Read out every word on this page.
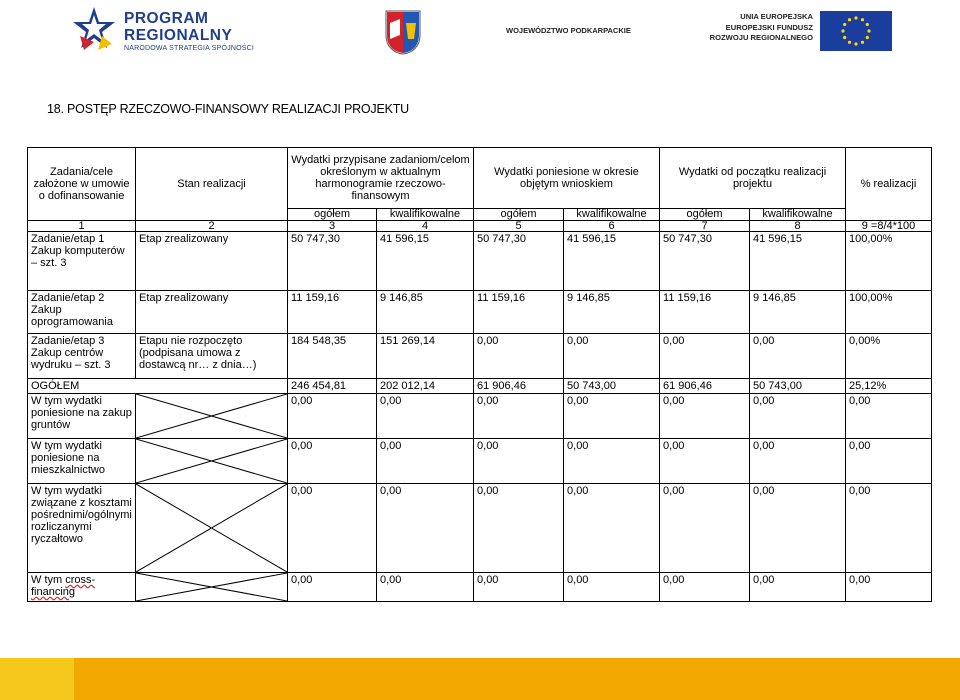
PROGRAM
REGIONALNY
NARODOWA STRATEGIA SPÓJNOŚCI
WOJEWÓDZTWO PODKARPACKIE
UNIA EUROPEJSKA
EUROPEJSKI FUNDUSZ
ROZWOJU REGIONALNEGO
18. POSTĘP RZECZOWO-FINANSOWY REALIZACJI PROJEKTU
Zadania/cele założone w umowie o dofinansowanie	Stan realizacji	Wydatki przypisane zadaniom/celom określonym w aktualnym harmonogramie rzeczowo-finansowym		Wydatki poniesione w okresie objętym wnioskiem		Wydatki od początku realizacji projektu		% realizacji
		ogółem	kwalifikowalne	ogółem	kwalifikowalne	ogółem	kwalifikowalne	
1	2	3	4	5	6	7	8	9 =8/4*100
Zadanie/etap 1 Zakup komputerów – szt. 3	Etap zrealizowany	50 747,30	41 596,15	50 747,30	41 596,15	50 747,30	41 596,15	100,00%
Zadanie/etap 2 Zakup oprogramowania	Etap zrealizowany	11 159,16	9 146,85	11 159,16	9 146,85	11 159,16	9 146,85	100,00%
Zadanie/etap 3 Zakup centrów wydruku – szt. 3	Etapu nie rozpoczęto (podpisana umowa z dostawcą nr… z dnia…)	184 548,35	151 269,14	0,00	0,00	0,00	0,00	0,00%
OGÓŁEM		246 454,81	202 012,14	61 906,46	50 743,00	61 906,46	50 743,00	25,12%
W tym wydatki poniesione na zakup gruntów		0,00	0,00	0,00	0,00	0,00	0,00	0,00
W tym wydatki poniesione na mieszkalnictwo		0,00	0,00	0,00	0,00	0,00	0,00	0,00
W tym wydatki związane z kosztami pośrednimi/ogólnymi rozliczanymi ryczałtowo		0,00	0,00	0,00	0,00	0,00	0,00	0,00
W tym cross-financing		0,00	0,00	0,00	0,00	0,00	0,00	0,00
